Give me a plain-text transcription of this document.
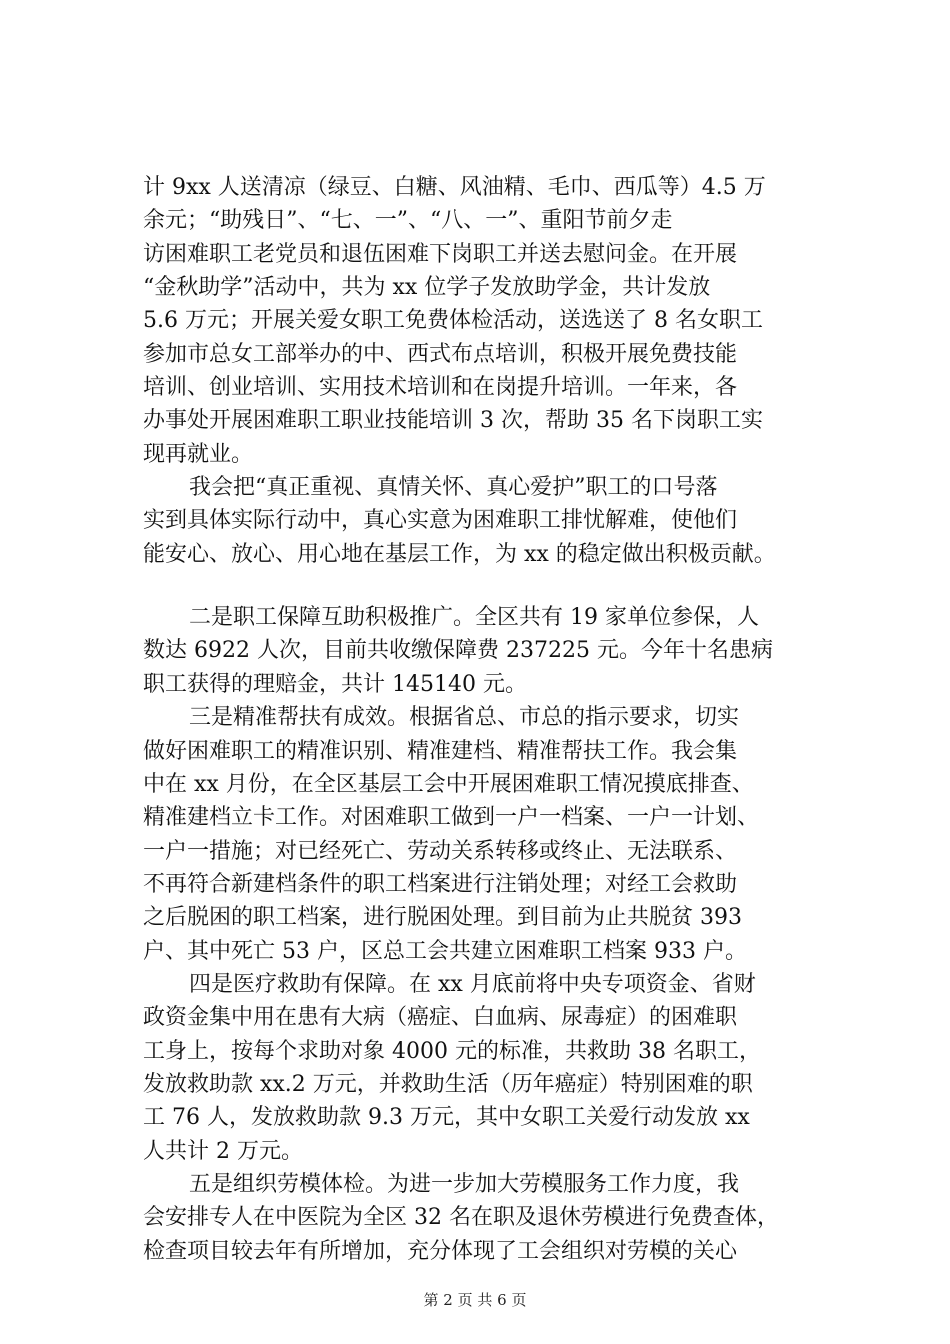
计 9xx 人送清凉（绿豆、白糖、风油精、毛巾、西瓜等）4.5 万
余元；“助残日”、“七、一”、“八、一”、重阳节前夕走
访困难职工老党员和退伍困难下岗职工并送去慰问金。在开展
“金秋助学”活动中，共为 xx 位学子发放助学金，共计发放
5.6 万元；开展关爱女职工免费体检活动，送选送了 8 名女职工
参加市总女工部举办的中、西式布点培训，积极开展免费技能
培训、创业培训、实用技术培训和在岗提升培训。一年来，各
办事处开展困难职工职业技能培训 3 次，帮助 35 名下岗职工实
现再就业。
我会把“真正重视、真情关怀、真心爱护”职工的口号落
实到具体实际行动中，真心实意为困难职工排忧解难，使他们
能安心、放心、用心地在基层工作，为 xx 的稳定做出积极贡献。
二是职工保障互助积极推广。全区共有 19 家单位参保，人
数达 6922 人次，目前共收缴保障费 237225 元。今年十名患病
职工获得的理赔金，共计 145140 元。
三是精准帮扶有成效。根据省总、市总的指示要求，切实
做好困难职工的精准识别、精准建档、精准帮扶工作。我会集
中在 xx 月份，在全区基层工会中开展困难职工情况摸底排查、
精准建档立卡工作。对困难职工做到一户一档案、一户一计划、
一户一措施；对已经死亡、劳动关系转移或终止、无法联系、
不再符合新建档条件的职工档案进行注销处理；对经工会救助
之后脱困的职工档案，进行脱困处理。到目前为止共脱贫 393
户、其中死亡 53 户，区总工会共建立困难职工档案 933 户。
四是医疗救助有保障。在 xx 月底前将中央专项资金、省财
政资金集中用在患有大病（癌症、白血病、尿毒症）的困难职
工身上，按每个求助对象 4000 元的标准，共救助 38 名职工，
发放救助款 xx.2 万元，并救助生活（历年癌症）特别困难的职
工 76 人，发放救助款 9.3 万元，其中女职工关爱行动发放 xx
人共计 2 万元。
五是组织劳模体检。为进一步加大劳模服务工作力度，我
会安排专人在中医院为全区 32 名在职及退休劳模进行免费查体，
检查项目较去年有所增加，充分体现了工会组织对劳模的关心
第 2 页 共 6 页
